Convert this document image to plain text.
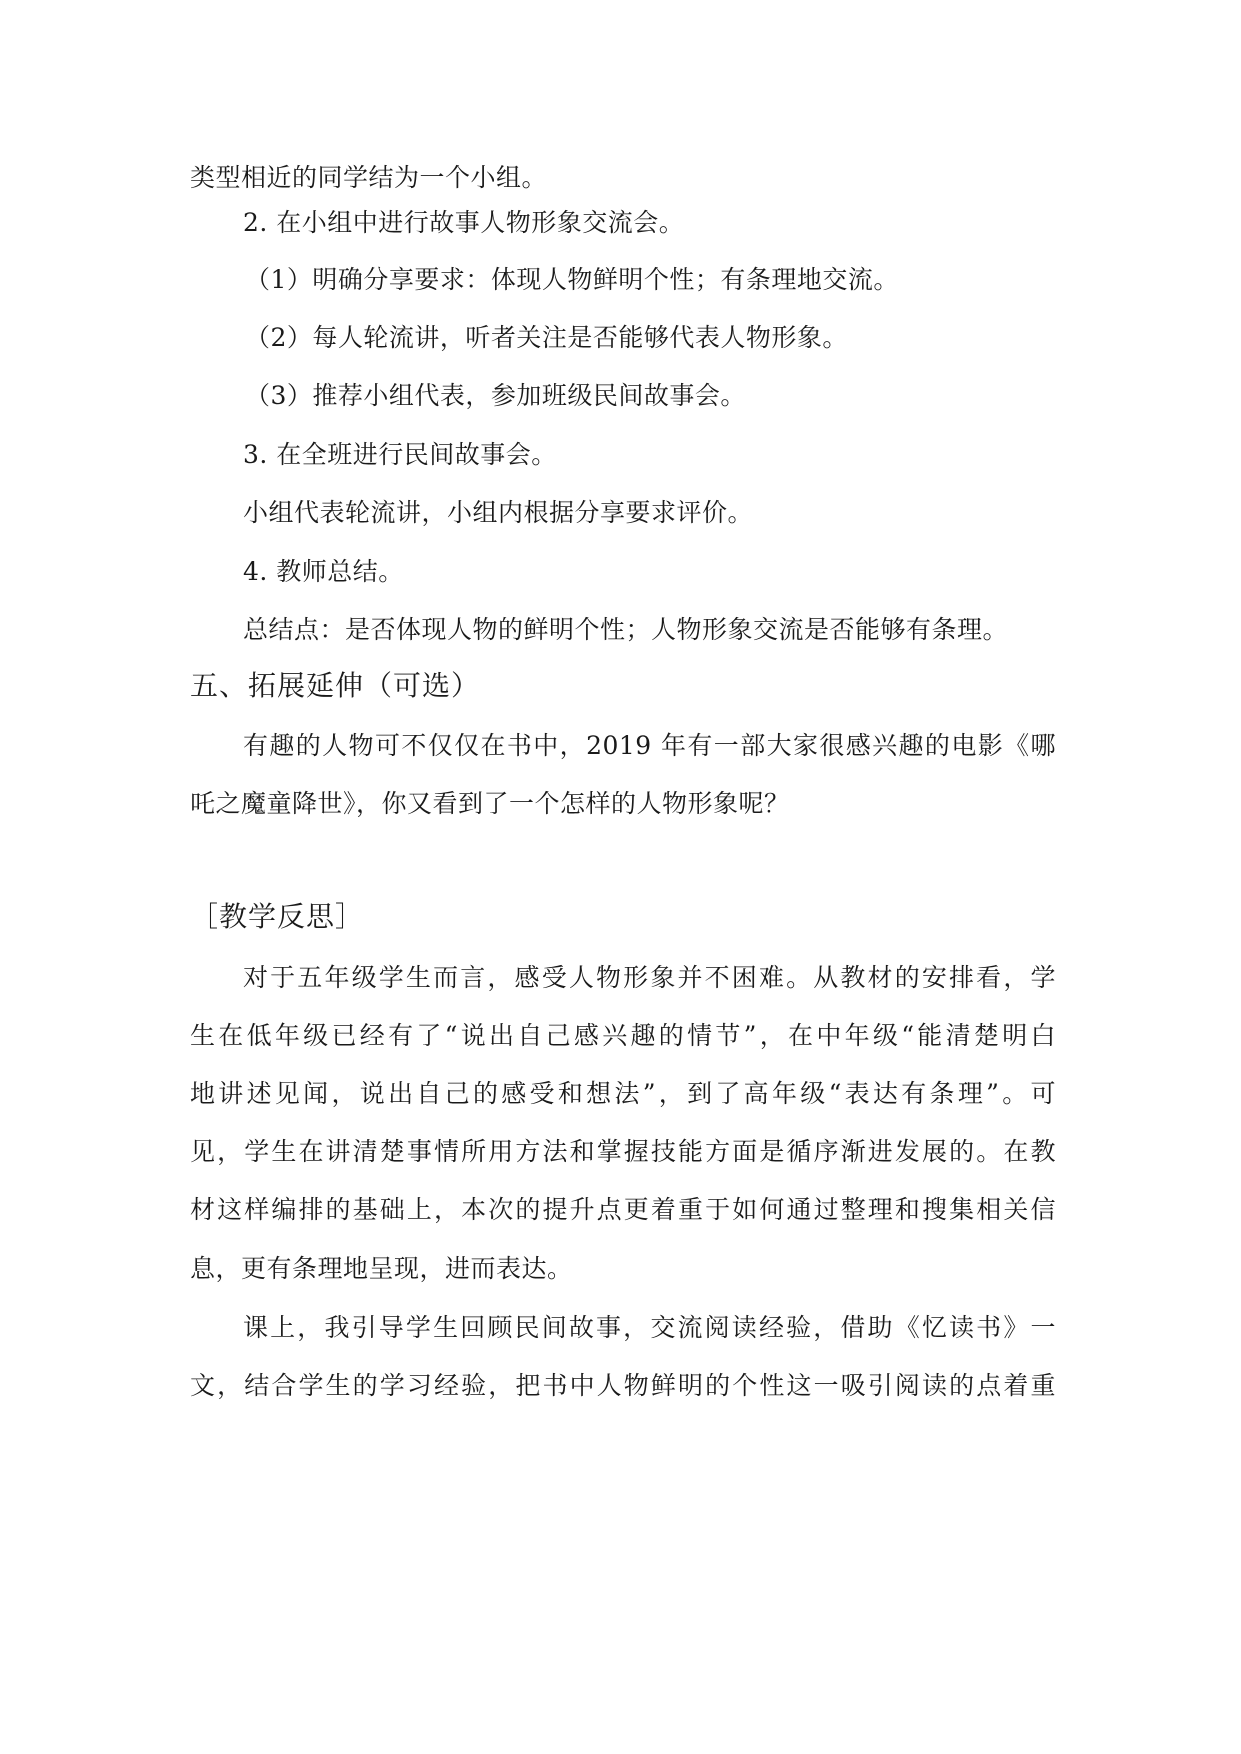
类型相近的同学结为一个小组。
2. 在小组中进行故事人物形象交流会。
（1）明确分享要求：体现人物鲜明个性；有条理地交流。
（2）每人轮流讲，听者关注是否能够代表人物形象。
（3）推荐小组代表，参加班级民间故事会。
3. 在全班进行民间故事会。
小组代表轮流讲，小组内根据分享要求评价。
4. 教师总结。
总结点：是否体现人物的鲜明个性；人物形象交流是否能够有条理。
五、拓展延伸（可选）
有趣的人物可不仅仅在书中，2019 年有一部大家很感兴趣的电影《哪
吒之魔童降世》，你又看到了一个怎样的人物形象呢？
［教学反思］
对于五年级学生而言，感受人物形象并不困难。从教材的安排看，学
生在低年级已经有了“说出自己感兴趣的情节”，在中年级“能清楚明白
地讲述见闻，说出自己的感受和想法”，到了高年级“表达有条理”。可
见，学生在讲清楚事情所用方法和掌握技能方面是循序渐进发展的。在教
材这样编排的基础上，本次的提升点更着重于如何通过整理和搜集相关信
息，更有条理地呈现，进而表达。
课上，我引导学生回顾民间故事，交流阅读经验，借助《忆读书》一
文，结合学生的学习经验，把书中人物鲜明的个性这一吸引阅读的点着重
